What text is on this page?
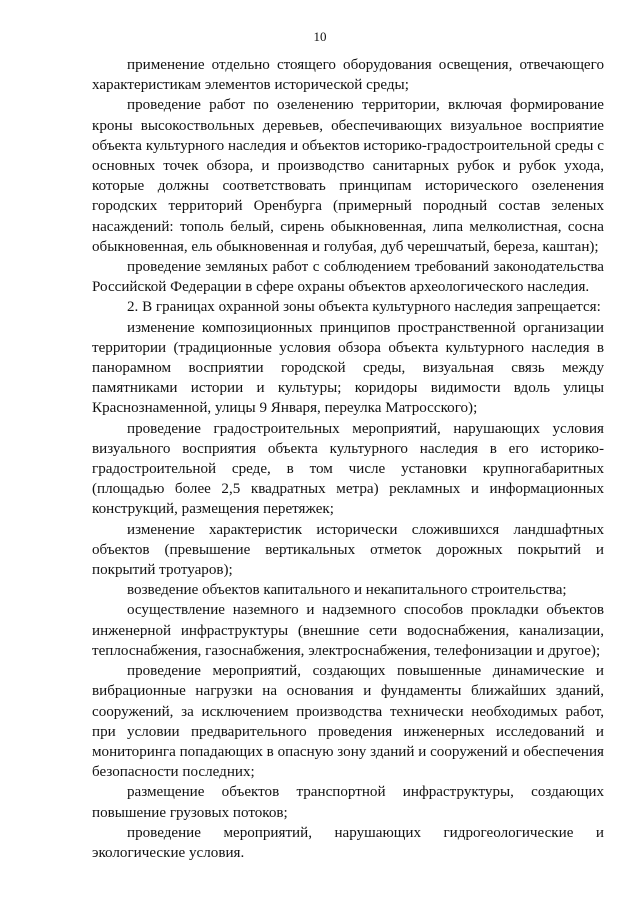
10

применение отдельно стоящего оборудования освещения, отвечающего характеристикам элементов исторической среды;

проведение работ по озеленению территории, включая формирование кроны высокоствольных деревьев, обеспечивающих визуальное восприятие объекта культурного наследия и объектов историко-градостроительной среды с основных точек обзора, и производство санитарных рубок и рубок ухода, которые должны соответствовать принципам исторического озеленения городских территорий Оренбурга (примерный породный состав зеленых насаждений: тополь белый, сирень обыкновенная, липа мелколистная, сосна обыкновенная, ель обыкновенная и голубая, дуб черешчатый, береза, каштан);

проведение земляных работ с соблюдением требований законодательства Российской Федерации в сфере охраны объектов археологического наследия.

2. В границах охранной зоны объекта культурного наследия запрещается:

изменение композиционных принципов пространственной организации территории (традиционные условия обзора объекта культурного наследия в панорамном восприятии городской среды, визуальная связь между памятниками истории и культуры; коридоры видимости вдоль улицы Краснознаменной, улицы 9 Января, переулка Матросского);

проведение градостроительных мероприятий, нарушающих условия визуального восприятия объекта культурного наследия в его историко-градостроительной среде, в том числе установки крупногабаритных (площадью более 2,5 квадратных метра) рекламных и информационных конструкций, размещения перетяжек;

изменение характеристик исторически сложившихся ландшафтных объектов (превышение вертикальных отметок дорожных покрытий и покрытий тротуаров);

возведение объектов капитального и некапитального строительства;

осуществление наземного и надземного способов прокладки объектов инженерной инфраструктуры (внешние сети водоснабжения, канализации, теплоснабжения, газоснабжения, электроснабжения, телефонизации и другое);

проведение мероприятий, создающих повышенные динамические и вибрационные нагрузки на основания и фундаменты ближайших зданий, сооружений, за исключением производства технически необходимых работ, при условии предварительного проведения инженерных исследований и мониторинга попадающих в опасную зону зданий и сооружений и обеспечения безопасности последних;

размещение объектов транспортной инфраструктуры, создающих повышение грузовых потоков;

проведение мероприятий, нарушающих гидрогеологические и экологические условия.
